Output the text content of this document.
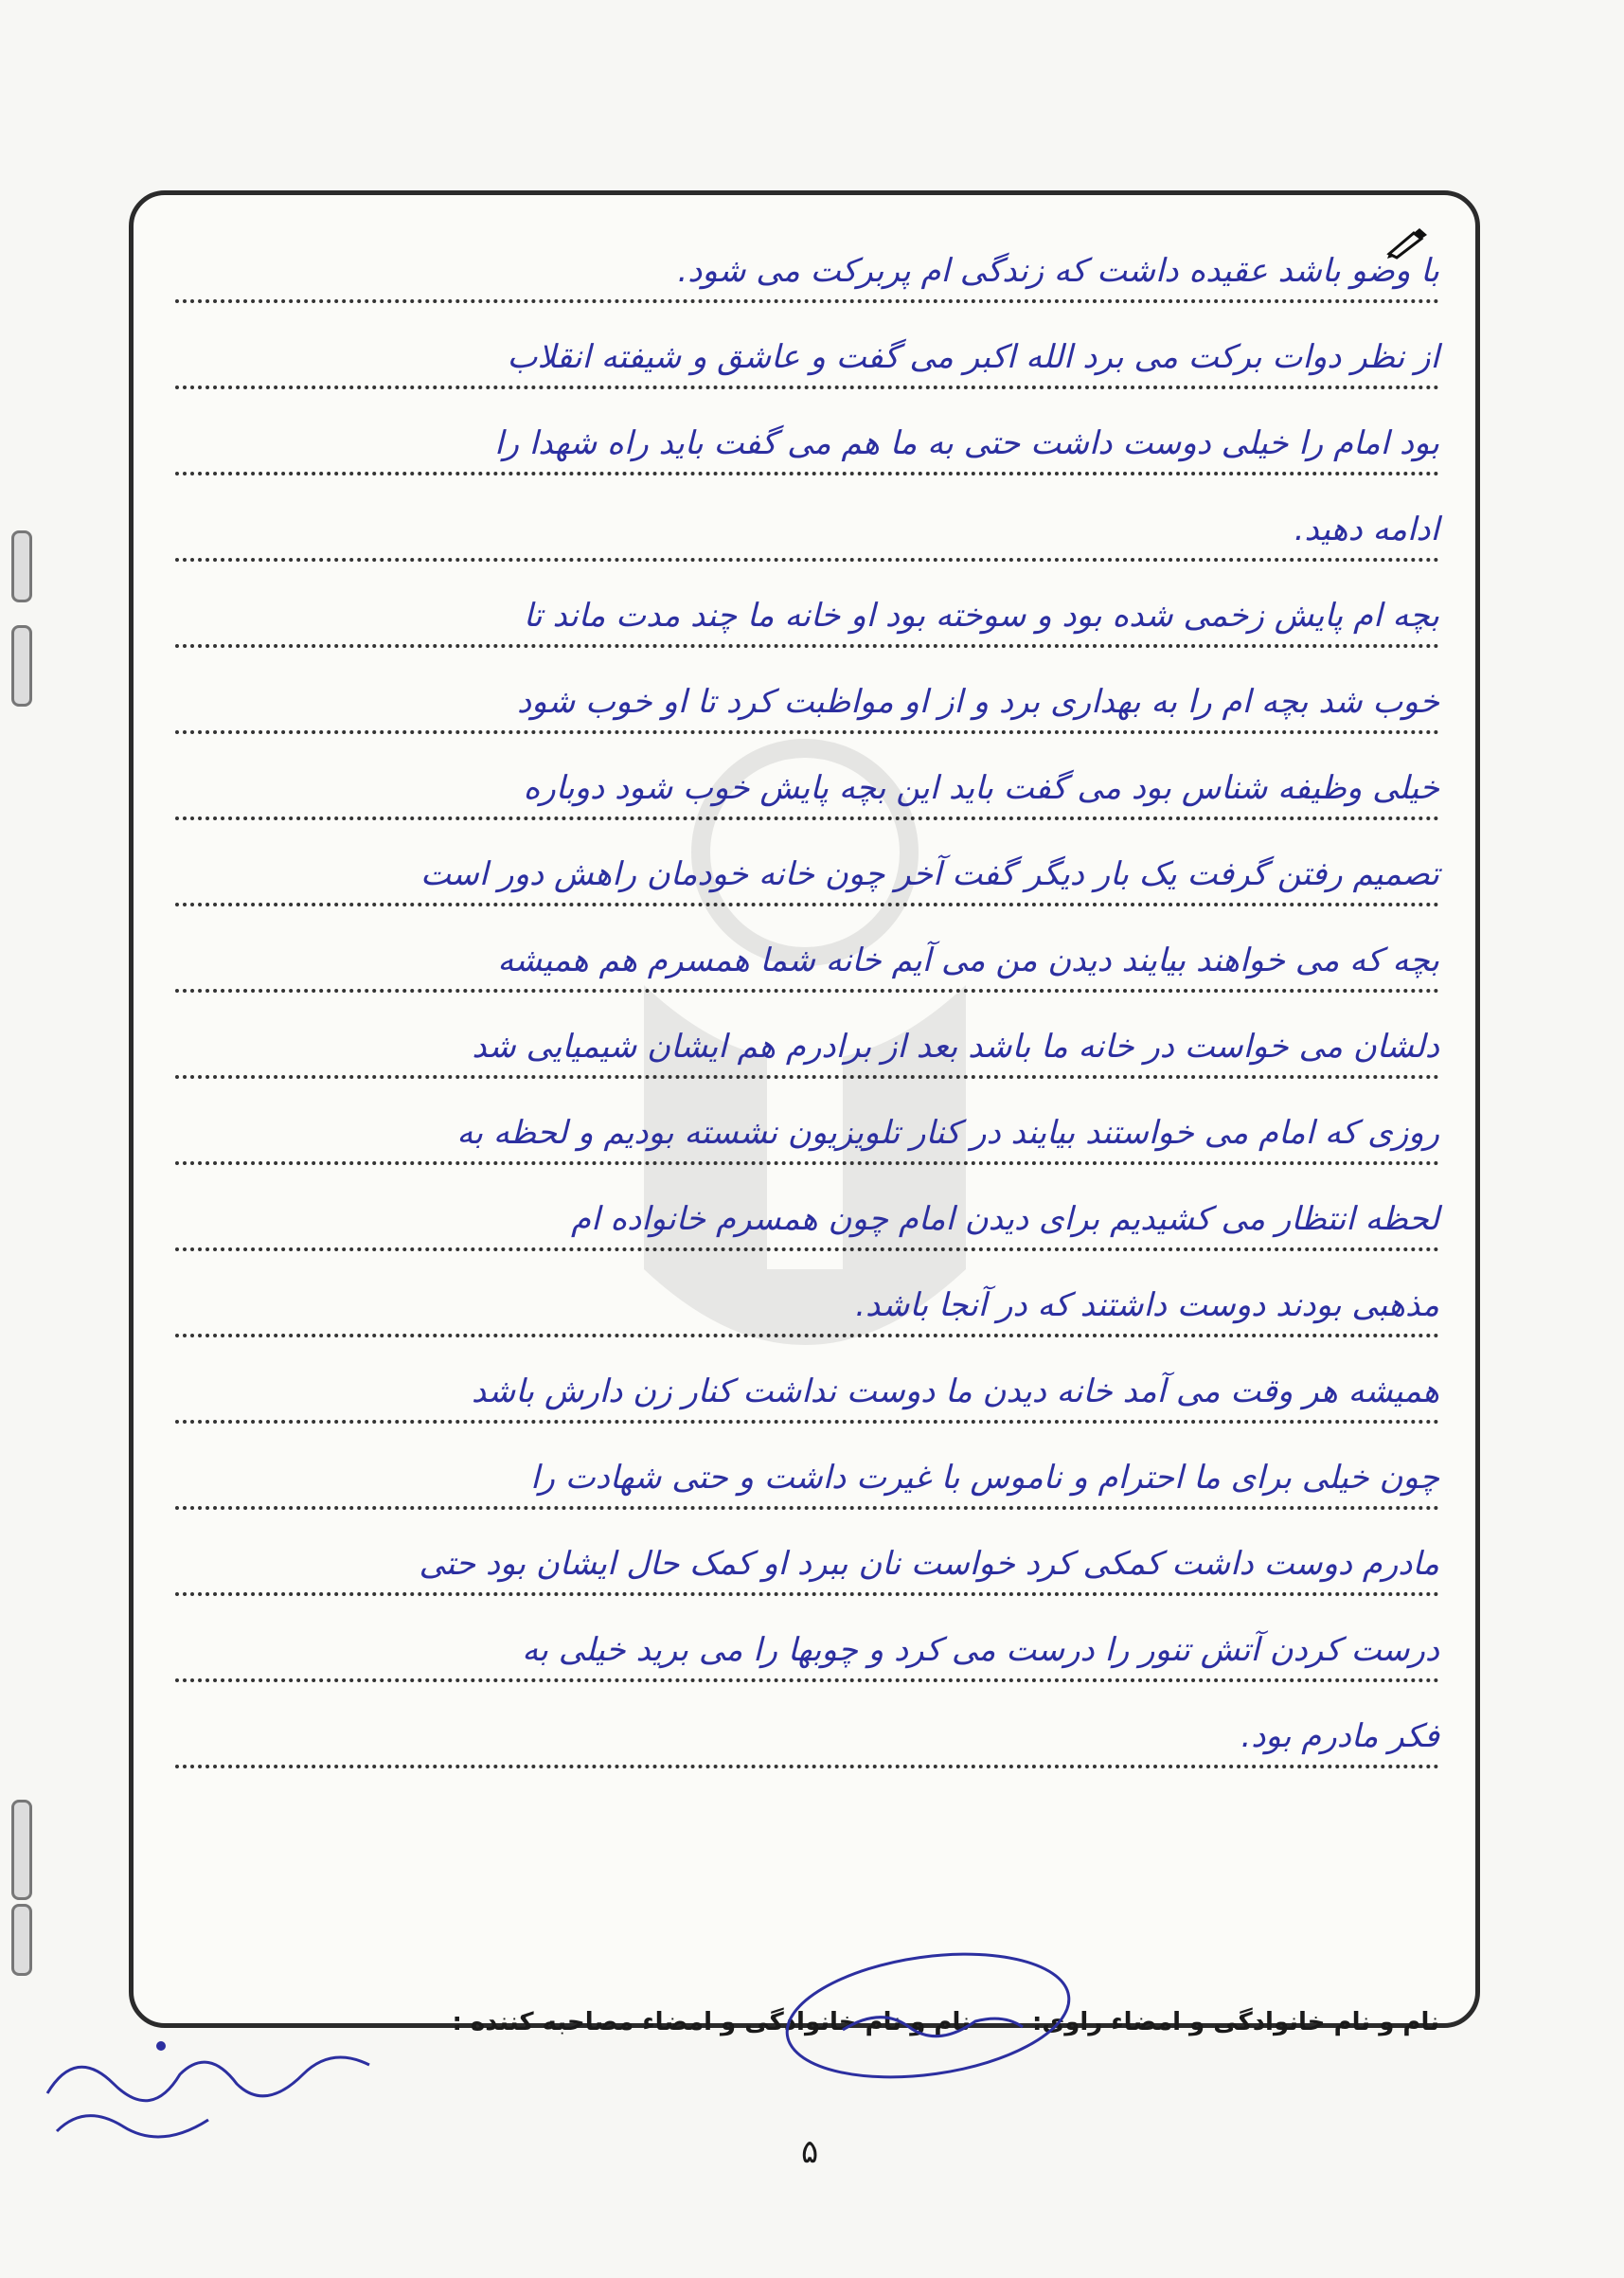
با وضو باشد عقیده داشت که زندگی ام پربرکت می شود.
از نظر دوات برکت می برد الله اکبر می گفت و عاشق و شیفته انقلاب
بود امام را خیلی دوست داشت حتی به ما هم می گفت باید راه شهدا را
ادامه دهید.
بچه ام پایش زخمی شده بود و سوخته بود او خانه ما چند مدت ماند تا
خوب شد بچه ام را به بهداری برد و از او مواظبت کرد تا او خوب شود
خیلی وظیفه شناس بود می گفت باید این بچه پایش خوب شود دوباره
تصمیم رفتن گرفت یک بار دیگر گفت آخر چون خانه خودمان راهش دور است
بچه که می خواهند بیایند دیدن من می آیم خانه شما همسرم هم همیشه
دلشان می خواست در خانه ما باشد بعد از برادرم هم ایشان شیمیایی شد
روزی که امام می خواستند بیایند در کنار تلویزیون نشسته بودیم و لحظه به
لحظه انتظار می کشیدیم برای دیدن امام چون همسرم خانواده ام
مذهبی بودند دوست داشتند که در آنجا باشد.
همیشه هر وقت می آمد خانه دیدن ما دوست نداشت کنار زن دارش باشد
چون خیلی برای ما احترام و ناموس با غیرت داشت و حتی شهادت را
مادرم دوست داشت کمکی کرد خواست نان ببرد او کمک حال ایشان بود حتی
درست کردن آتش تنور را درست می کرد و چوبها را می برید خیلی به
فکر مادرم بود.
نام و نام خانوادگی و امضاء راوی:
نام و نام خانوادگی و امضاء مصاحبه کننده :
۵
